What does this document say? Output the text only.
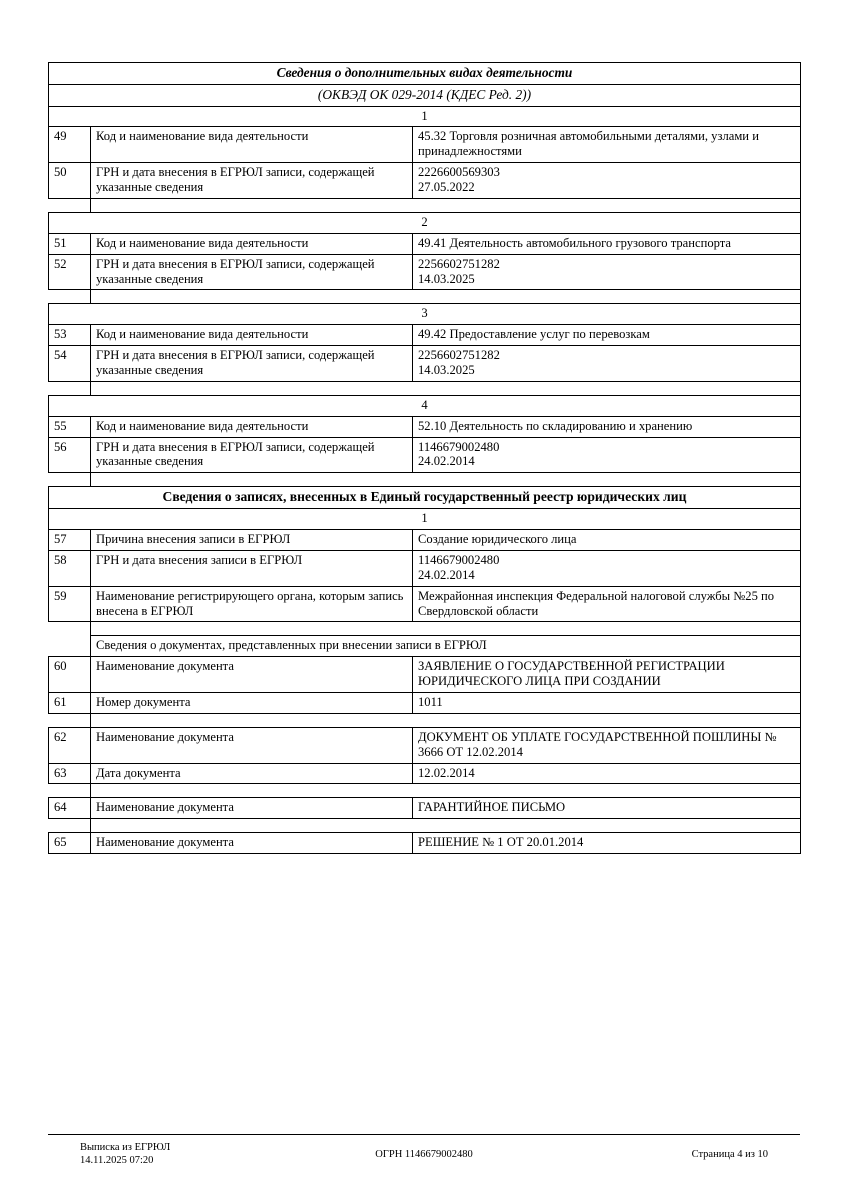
Сведения о дополнительных видах деятельности		
(ОКВЭД ОК 029-2014 (КДЕС Ред. 2))		
1		
49	Код и наименование вида деятельности	45.32 Торговля розничная автомобильными деталями, узлами и принадлежностями
50	ГРН и дата внесения в ЕГРЮЛ записи, содержащей указанные сведения	2226600569303
27.05.2022

2		
51	Код и наименование вида деятельности	49.41 Деятельность автомобильного грузового транспорта
52	ГРН и дата внесения в ЕГРЮЛ записи, содержащей указанные сведения	2256602751282
14.03.2025

3		
53	Код и наименование вида деятельности	49.42 Предоставление услуг по перевозкам
54	ГРН и дата внесения в ЕГРЮЛ записи, содержащей указанные сведения	2256602751282
14.03.2025

4		
55	Код и наименование вида деятельности	52.10 Деятельность по складированию и хранению
56	ГРН и дата внесения в ЕГРЮЛ записи, содержащей указанные сведения	1146679002480
24.02.2014

Сведения о записях, внесенных в Единый государственный реестр юридических лиц		
1		
57	Причина внесения записи в ЕГРЮЛ	Создание юридического лица
58	ГРН и дата внесения записи в ЕГРЮЛ	1146679002480
24.02.2014
59	Наименование регистрирующего органа, которым запись внесена в ЕГРЮЛ	Межрайонная инспекция Федеральной налоговой службы №25 по Свердловской области

	Сведения о документах, представленных при внесении записи в ЕГРЮЛ	
60	Наименование документа	ЗАЯВЛЕНИЕ О ГОСУДАРСТВЕННОЙ РЕГИСТРАЦИИ ЮРИДИЧЕСКОГО ЛИЦА ПРИ СОЗДАНИИ
61	Номер документа	1011

62	Наименование документа	ДОКУМЕНТ ОБ УПЛАТЕ ГОСУДАРСТВЕННОЙ ПОШЛИНЫ № 3666 ОТ 12.02.2014
63	Дата документа	12.02.2014

64	Наименование документа	ГАРАНТИЙНОЕ ПИСЬМО

65	Наименование документа	РЕШЕНИЕ № 1 ОТ 20.01.2014
Выписка из ЕГРЮЛ
14.11.2025 07:20
ОГРН 1146679002480	Страница 4 из 10
